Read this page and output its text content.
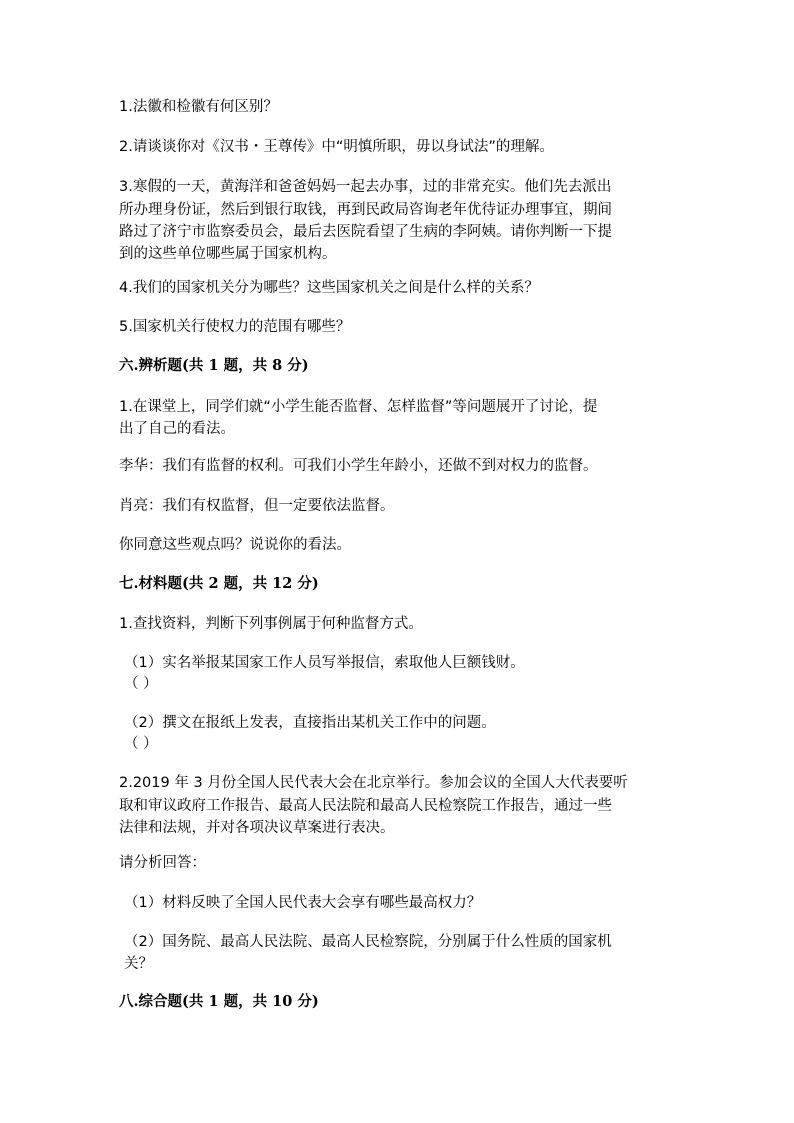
1.法徽和检徽有何区别？
2.请谈谈你对《汉书・王尊传》中“明慎所职，毋以身试法”的理解。
3.寒假的一天，黄海洋和爸爸妈妈一起去办事，过的非常充实。他们先去派出
所办理身份证，然后到银行取钱，再到民政局咨询老年优待证办理事宜，期间
路过了济宁市监察委员会，最后去医院看望了生病的李阿姨。请你判断一下提
到的这些单位哪些属于国家机构。
4.我们的国家机关分为哪些？这些国家机关之间是什么样的关系？
5.国家机关行使权力的范围有哪些？
六.辨析题(共 1 题，共 8 分)
1.在课堂上，同学们就“小学生能否监督、怎样监督”等问题展开了讨论，提
出了自己的看法。
李华：我们有监督的权利。可我们小学生年龄小，还做不到对权力的监督。
肖亮：我们有权监督，但一定要依法监督。
你同意这些观点吗？说说你的看法。
七.材料题(共 2 题，共 12 分)
1.查找资料，判断下列事例属于何种监督方式。
（1）实名举报某国家工作人员写举报信，索取他人巨额钱财。
（ ）
（2）撰文在报纸上发表，直接指出某机关工作中的问题。
（ ）
2.2019 年 3 月份全国人民代表大会在北京举行。参加会议的全国人大代表要听
取和审议政府工作报告、最高人民法院和最高人民检察院工作报告，通过一些
法律和法规，并对各项决议草案进行表决。
请分析回答：
（1）材料反映了全国人民代表大会享有哪些最高权力？
（2）国务院、最高人民法院、最高人民检察院，分别属于什么性质的国家机
关？
八.综合题(共 1 题，共 10 分)
